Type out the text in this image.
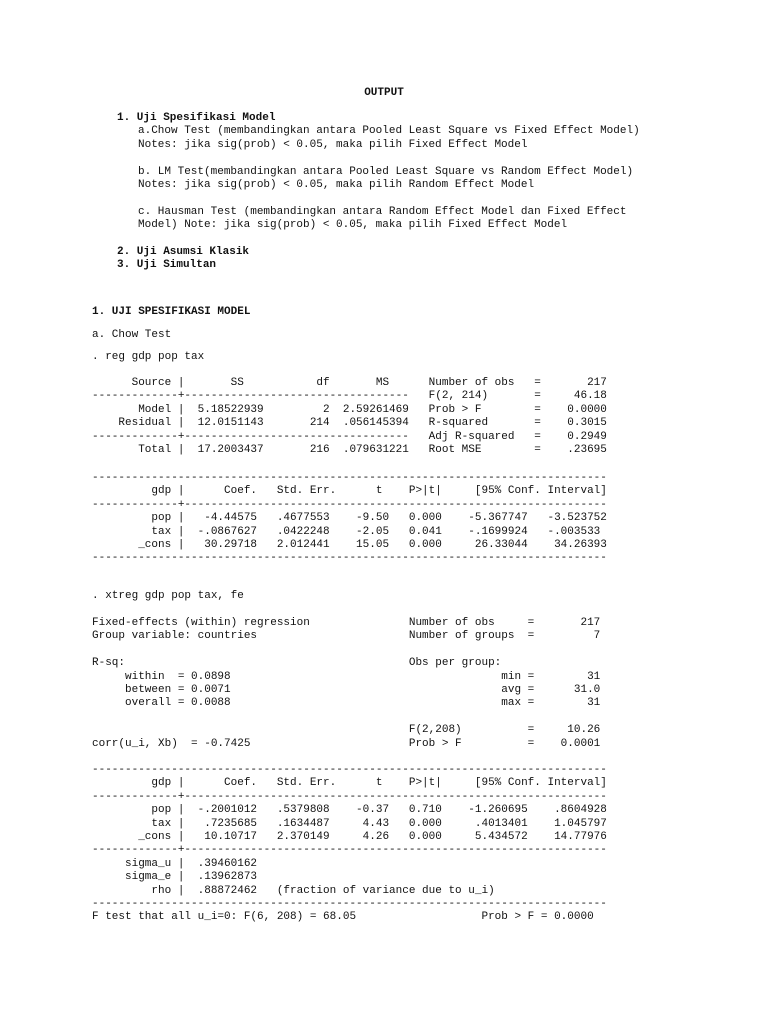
OUTPUT
1. Uji Spesifikasi Model
a.Chow Test (membandingkan antara Pooled Least Square vs Fixed Effect Model)
Notes: jika sig(prob) < 0.05, maka pilih Fixed Effect Model
b. LM Test(membandingkan antara Pooled Least Square vs Random Effect Model)
Notes: jika sig(prob) < 0.05, maka pilih Random Effect Model
c. Hausman Test (membandingkan antara Random Effect Model dan Fixed Effect
Model) Note: jika sig(prob) < 0.05, maka pilih Fixed Effect Model
2. Uji Asumsi Klasik
3. Uji Simultan
1. UJI SPESIFIKASI MODEL
a. Chow Test
. reg gdp pop tax
Source |       SS           df       MS      Number of obs   =       217
-------------+----------------------------------   F(2, 214)       =     46.18
Model |  5.18522939         2  2.59261469   Prob > F        =    0.0000
Residual |  12.0151143       214  .056145394   R-squared       =    0.3015
-------------+----------------------------------   Adj R-squared   =    0.2949
Total |  17.2003437       216  .079631221   Root MSE        =    .23695
------------------------------------------------------------------------------
gdp |      Coef.   Std. Err.      t    P>|t|     [95% Conf. Interval]
-------------+----------------------------------------------------------------
pop |   -4.44575   .4677553    -9.50   0.000    -5.367747   -3.523752
tax |  -.0867627   .0422248    -2.05   0.041    -.1699924   -.003533
_cons |   30.29718   2.012441    15.05   0.000     26.33044    34.26393
------------------------------------------------------------------------------
. xtreg gdp pop tax, fe
Fixed-effects (within) regression               Number of obs     =       217
Group variable: countries                       Number of groups  =         7
R-sq:                                           Obs per group:
within  = 0.0898                                         min =        31
between = 0.0071                                         avg =      31.0
overall = 0.0088                                         max =        31
F(2,208)          =     10.26
corr(u_i, Xb)  = -0.7425                        Prob > F          =    0.0001
------------------------------------------------------------------------------
gdp |      Coef.   Std. Err.      t    P>|t|     [95% Conf. Interval]
-------------+----------------------------------------------------------------
pop |  -.2001012   .5379808    -0.37   0.710    -1.260695    .8604928
tax |   .7235685   .1634487     4.43   0.000     .4013401    1.045797
_cons |   10.10717   2.370149     4.26   0.000     5.434572    14.77976
-------------+----------------------------------------------------------------
sigma_u |  .39460162
sigma_e |  .13962873
rho |  .88872462   (fraction of variance due to u_i)
------------------------------------------------------------------------------
F test that all u_i=0: F(6, 208) = 68.05                   Prob > F = 0.0000
